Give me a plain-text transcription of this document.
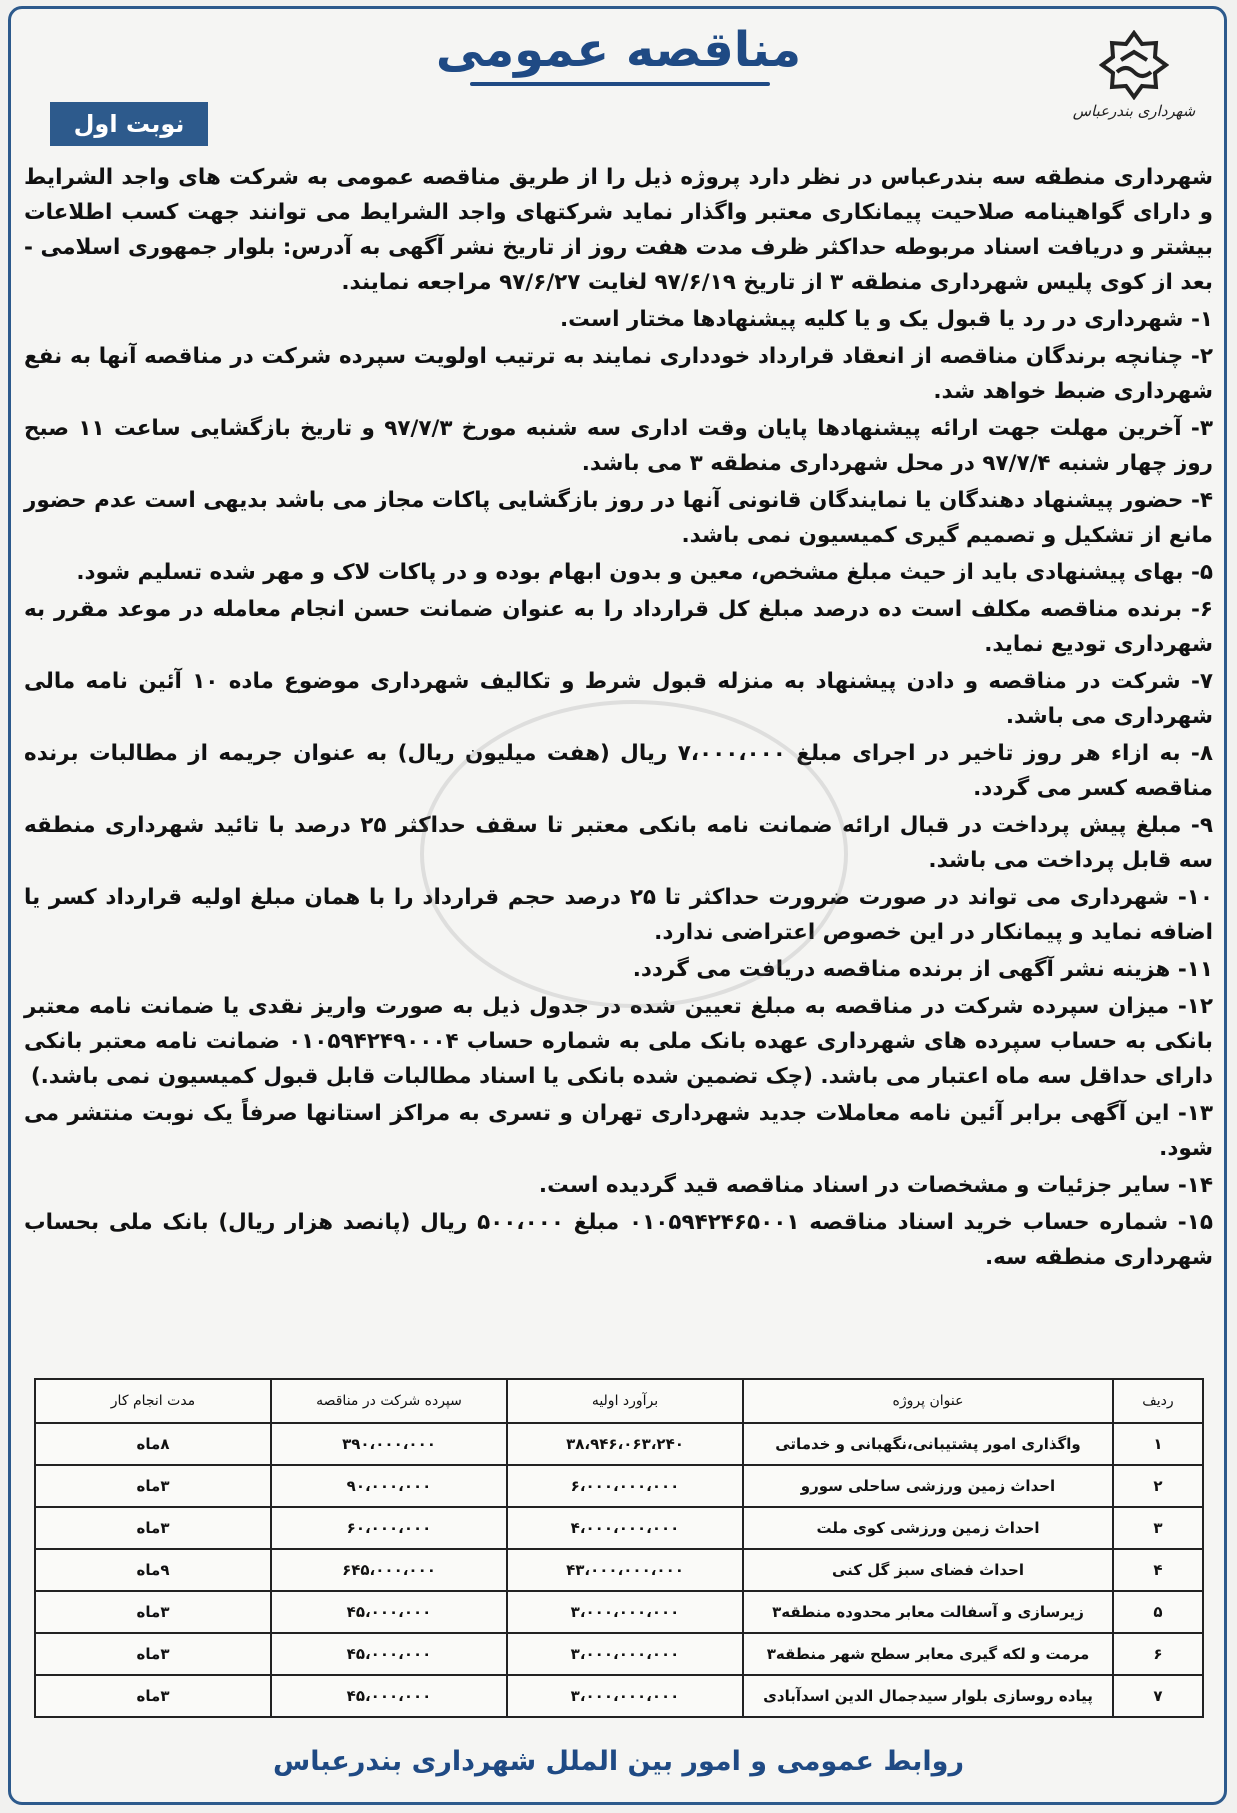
مناقصه عمومی
شهرداری بندرعباس
نوبت اول

شهرداری منطقه سه بندرعباس در نظر دارد پروژه ذیل را از طریق مناقصه عمومی به شرکت های واجد الشرایط و دارای گواهینامه صلاحیت پیمانکاری معتبر واگذار نماید شرکتهای واجد الشرایط می توانند جهت کسب اطلاعات بیشتر و دریافت اسناد مربوطه حداکثر ظرف مدت هفت روز از تاریخ نشر آگهی به آدرس: بلوار جمهوری اسلامی - بعد از کوی پلیس شهرداری منطقه ۳ از تاریخ ۹۷/۶/۱۹ لغایت ۹۷/۶/۲۷ مراجعه نمایند.

۱- شهرداری در رد یا قبول یک و یا کلیه پیشنهادها مختار است.

۲- چنانچه برندگان مناقصه از انعقاد قرارداد خودداری نمایند به ترتیب اولویت سپرده شرکت در مناقصه آنها به نفع شهرداری ضبط خواهد شد.

۳- آخرین مهلت جهت ارائه پیشنهادها پایان وقت اداری سه شنبه مورخ ۹۷/۷/۳ و تاریخ بازگشایی ساعت ۱۱ صبح روز چهار شنبه ۹۷/۷/۴ در محل شهرداری منطقه ۳ می باشد.

۴- حضور پیشنهاد دهندگان یا نمایندگان قانونی آنها در روز بازگشایی پاکات مجاز می باشد بدیهی است عدم حضور مانع از تشکیل و تصمیم گیری کمیسیون نمی باشد.

۵- بهای پیشنهادی باید از حیث مبلغ مشخص، معین و بدون ابهام بوده و در پاکات لاک و مهر شده تسلیم شود.

۶- برنده مناقصه مکلف است ده درصد مبلغ کل قرارداد را به عنوان ضمانت حسن انجام معامله در موعد مقرر به شهرداری تودیع نماید.

۷- شرکت در مناقصه و دادن پیشنهاد به منزله قبول شرط و تکالیف شهرداری موضوع ماده ۱۰ آئین نامه مالی شهرداری می باشد.

۸- به ازاء هر روز تاخیر در اجرای مبلغ ۷،۰۰۰،۰۰۰ ریال (هفت میلیون ریال) به عنوان جریمه از مطالبات برنده مناقصه کسر می گردد.

۹- مبلغ پیش پرداخت در قبال ارائه ضمانت نامه بانکی معتبر تا سقف حداکثر ۲۵ درصد با تائید شهرداری منطقه سه قابل پرداخت می باشد.

۱۰- شهرداری می تواند در صورت ضرورت حداکثر تا ۲۵ درصد حجم قرارداد را با همان مبلغ اولیه قرارداد کسر یا اضافه نماید و پیمانکار در این خصوص اعتراضی ندارد.

۱۱- هزینه نشر آگهی از برنده مناقصه دریافت می گردد.

۱۲- میزان سپرده شرکت در مناقصه به مبلغ تعیین شده در جدول ذیل به صورت واریز نقدی یا ضمانت نامه معتبر بانکی به حساب سپرده های شهرداری عهده بانک ملی به شماره حساب ۰۱۰۵۹۴۲۴۹۰۰۰۴ ضمانت نامه معتبر بانکی دارای حداقل سه ماه اعتبار می باشد. (چک تضمین شده بانکی یا اسناد مطالبات قابل قبول کمیسیون نمی باشد.)

۱۳- این آگهی برابر آئین نامه معاملات جدید شهرداری تهران و تسری به مراکز استانها صرفاً یک نوبت منتشر می شود.

۱۴- سایر جزئیات و مشخصات در اسناد مناقصه قید گردیده است.

۱۵- شماره حساب خرید اسناد مناقصه ۰۱۰۵۹۴۲۴۶۵۰۰۱ مبلغ ۵۰۰،۰۰۰ ریال (پانصد هزار ریال) بانک ملی بحساب شهرداری منطقه سه.

ردیف	عنوان پروژه	برآورد اولیه	سپرده شرکت در مناقصه	مدت انجام کار
۱	واگذاری امور پشتیبانی،نگهبانی و خدماتی	۳۸،۹۴۶،۰۶۳،۲۴۰	۳۹۰،۰۰۰،۰۰۰	۸ماه
۲	احداث زمین ورزشی ساحلی سورو	۶،۰۰۰،۰۰۰،۰۰۰	۹۰،۰۰۰،۰۰۰	۳ماه
۳	احداث زمین ورزشی کوی ملت	۴،۰۰۰،۰۰۰،۰۰۰	۶۰،۰۰۰،۰۰۰	۳ماه
۴	احداث فضای سبز گل کنی	۴۳،۰۰۰،۰۰۰،۰۰۰	۶۴۵،۰۰۰،۰۰۰	۹ماه
۵	زیرسازی و آسفالت معابر محدوده منطقه۳	۳،۰۰۰،۰۰۰،۰۰۰	۴۵،۰۰۰،۰۰۰	۳ماه
۶	مرمت و لکه گیری معابر سطح شهر منطقه۳	۳،۰۰۰،۰۰۰،۰۰۰	۴۵،۰۰۰،۰۰۰	۳ماه
۷	پیاده روسازی بلوار سیدجمال الدین اسدآبادی	۳،۰۰۰،۰۰۰،۰۰۰	۴۵،۰۰۰،۰۰۰	۳ماه
روابط عمومی و امور بین الملل شهرداری بندرعباس
